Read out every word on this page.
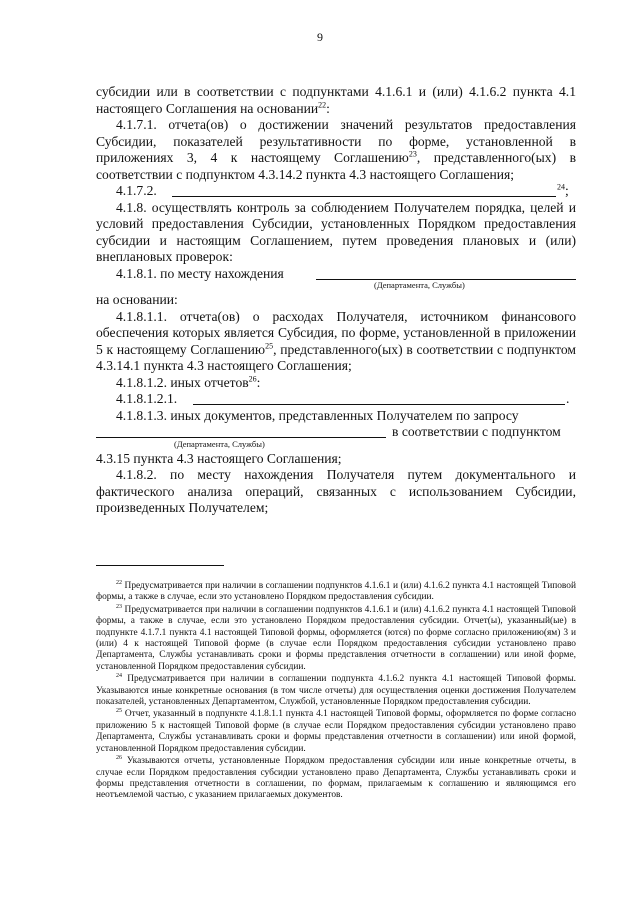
9

субсидии или в соответствии с подпунктами 4.1.6.1 и (или) 4.1.6.2 пункта 4.1 настоящего Соглашения на основании$^{22}$:

4.1.7.1. отчета(ов) о достижении значений результатов предоставления Субсидии, показателей результативности по форме, установленной в приложениях 3, 4 к настоящему Соглашению$^{23}$, представленного(ых) в соответствии с подпунктом 4.3.14.2 пункта 4.3 настоящего Соглашения;

4.1.7.2.	$^{24}$;

4.1.8. осуществлять контроль за соблюдением Получателем порядка, целей и условий предоставления Субсидии, установленных Порядком предоставления субсидии и настоящим Соглашением, путем проведения плановых и (или) внеплановых проверок:

4.1.8.1. по месту нахождения
(Департамента, Службы)

на основании:

4.1.8.1.1. отчета(ов) о расходах Получателя, источником финансового обеспечения которых является Субсидия, по форме, установленной в приложении 5 к настоящему Соглашению$^{25}$, представленного(ых) в соответствии с подпунктом 4.3.14.1 пункта 4.3 настоящего Соглашения;

4.1.8.1.2. иных отчетов$^{26}$:

4.1.8.1.2.1.	.

4.1.8.1.3. иных документов, представленных Получателем по запросу

в соответствии с подпунктом
(Департамента, Службы)

4.3.15 пункта 4.3 настоящего Соглашения;

4.1.8.2. по месту нахождения Получателя путем документального и фактического анализа операций, связанных с использованием Субсидии, произведенных Получателем;

$^{22}$ Предусматривается при наличии в соглашении подпунктов 4.1.6.1 и (или) 4.1.6.2 пункта 4.1 настоящей Типовой формы, а также в случае, если это установлено Порядком предоставления субсидии.

$^{23}$ Предусматривается при наличии в соглашении подпунктов 4.1.6.1 и (или) 4.1.6.2 пункта 4.1 настоящей Типовой формы, а также в случае, если это установлено Порядком предоставления субсидии. Отчет(ы), указанный(ые) в подпункте 4.1.7.1 пункта 4.1 настоящей Типовой формы, оформляется (ются) по форме согласно приложению(ям) 3 и (или) 4 к настоящей Типовой форме (в случае если Порядком предоставления субсидии установлено право Департамента, Службы устанавливать сроки и формы представления отчетности в соглашении) или иной форме, установленной Порядком предоставления субсидии.

$^{24}$ Предусматривается при наличии в соглашении подпункта 4.1.6.2 пункта 4.1 настоящей Типовой формы. Указываются иные конкретные основания (в том числе отчеты) для осуществления оценки достижения Получателем показателей, установленных Департаментом, Службой, установленные Порядком предоставления субсидии.

$^{25}$ Отчет, указанный в подпункте 4.1.8.1.1 пункта 4.1 настоящей Типовой формы, оформляется по форме согласно приложению 5 к настоящей Типовой форме (в случае если Порядком предоставления субсидии установлено право Департамента, Службы устанавливать сроки и формы представления отчетности в соглашении) или иной формой, установленной Порядком предоставления субсидии.

$^{26}$ Указываются отчеты, установленные Порядком предоставления субсидии или иные конкретные отчеты, в случае если Порядком предоставления субсидии установлено право Департамента, Службы устанавливать сроки и формы представления отчетности в соглашении, по формам, прилагаемым к соглашению и являющимся его неотъемлемой частью, с указанием прилагаемых документов.
